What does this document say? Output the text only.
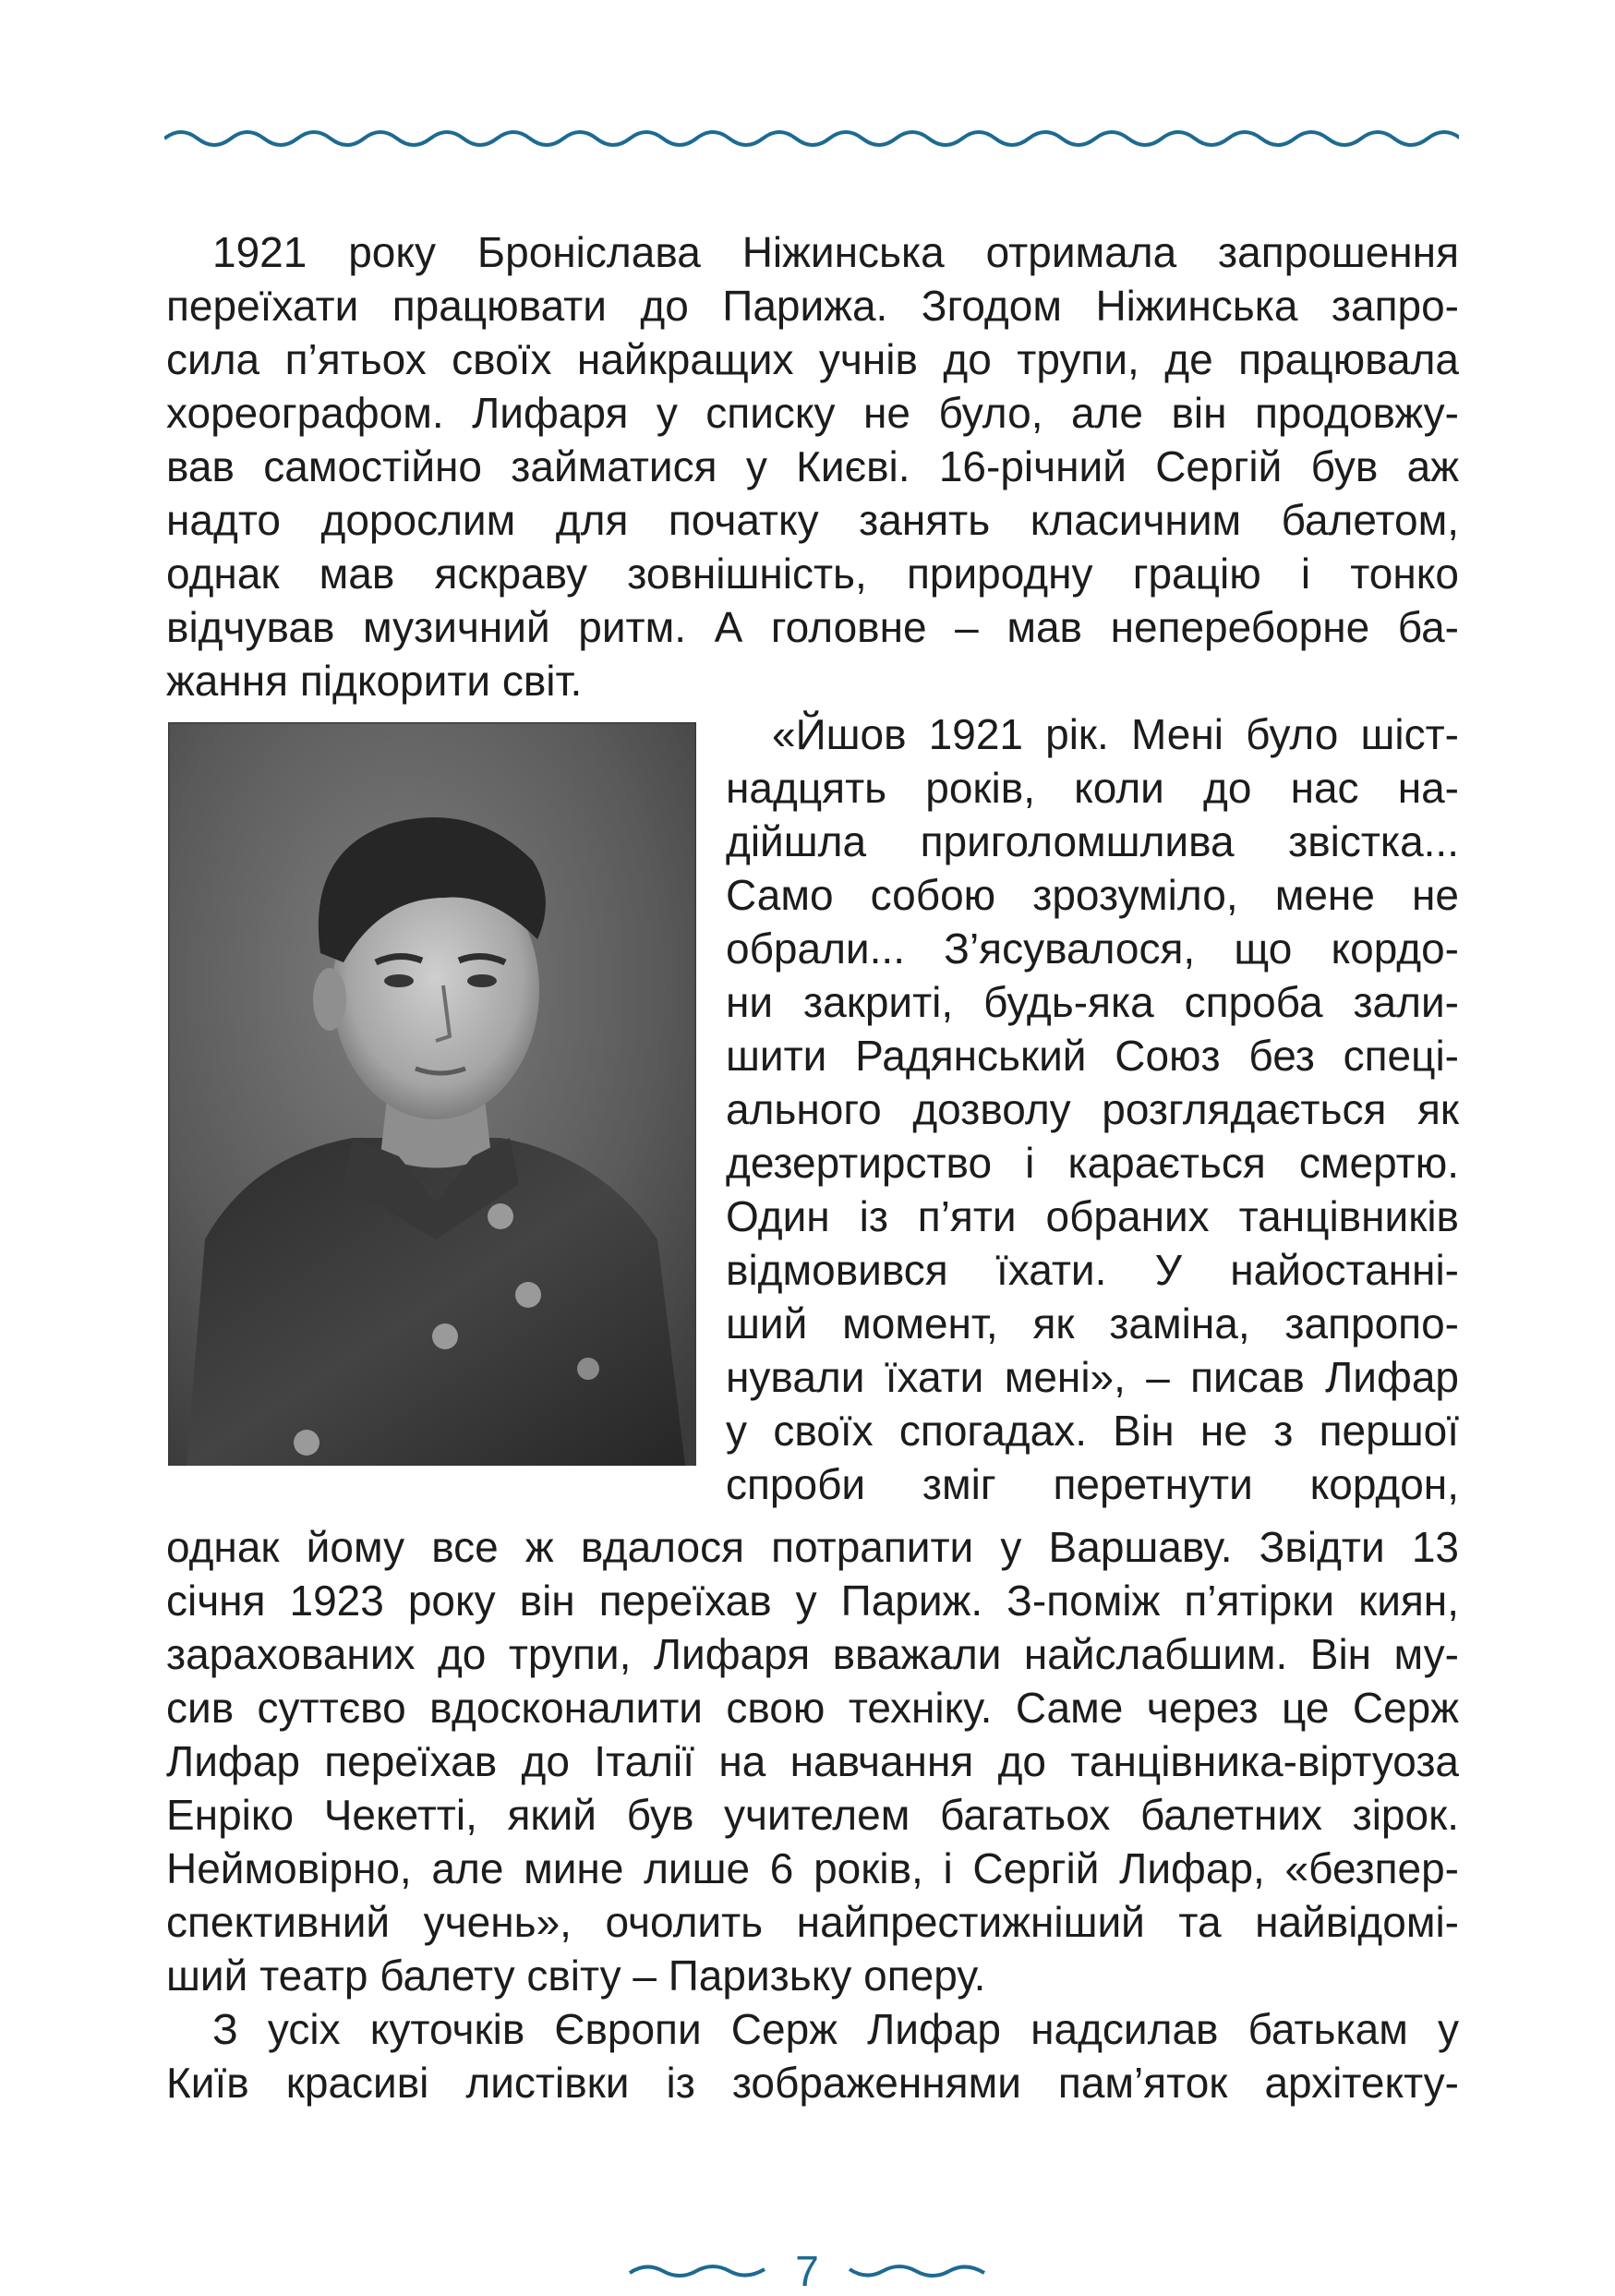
1921 року Броніслава Ніжинська отримала запрошення
переїхати працювати до Парижа. Згодом Ніжинська запро-
сила п’ятьох своїх найкращих учнів до трупи, де працювала
хореографом. Лифаря у списку не було, але він продовжу-
вав самостійно займатися у Києві. 16-річний Сергій був аж
надто дорослим для початку занять класичним балетом,
однак мав яскраву зовнішність, природну грацію і тонко
відчував музичний ритм. А головне – мав непереборне ба-
жання підкорити світ.
«Йшов 1921 рік. Мені було шіст-
надцять років, коли до нас на-
дійшла приголомшлива звістка...
Само собою зрозуміло, мене не
обрали... З’ясувалося, що кордо-
ни закриті, будь-яка спроба зали-
шити Радянський Союз без спеці-
ального дозволу розглядається як
дезертирство і карається смертю.
Один із п’яти обраних танцівників
відмовився їхати. У найостанні-
ший момент, як заміна, запропо-
нували їхати мені», – писав Лифар
у своїх спогадах. Він не з першої
спроби зміг перетнути кордон,
однак йому все ж вдалося потрапити у Варшаву. Звідти 13
січня 1923 року він переїхав у Париж. З-поміж п’ятірки киян,
зарахованих до трупи, Лифаря вважали найслабшим. Він му-
сив суттєво вдосконалити свою техніку. Саме через це Серж
Лифар переїхав до Італії на навчання до танцівника-віртуоза
Енріко Чекетті, який був учителем багатьох балетних зірок.
Неймовірно, але мине лише 6 років, і Сергій Лифар, «безпер-
спективний учень», очолить найпрестижніший та найвідомі-
ший театр балету світу – Паризьку оперу.
З усіх куточків Європи Серж Лифар надсилав батькам у
Київ красиві листівки із зображеннями пам’яток архітекту-
7
